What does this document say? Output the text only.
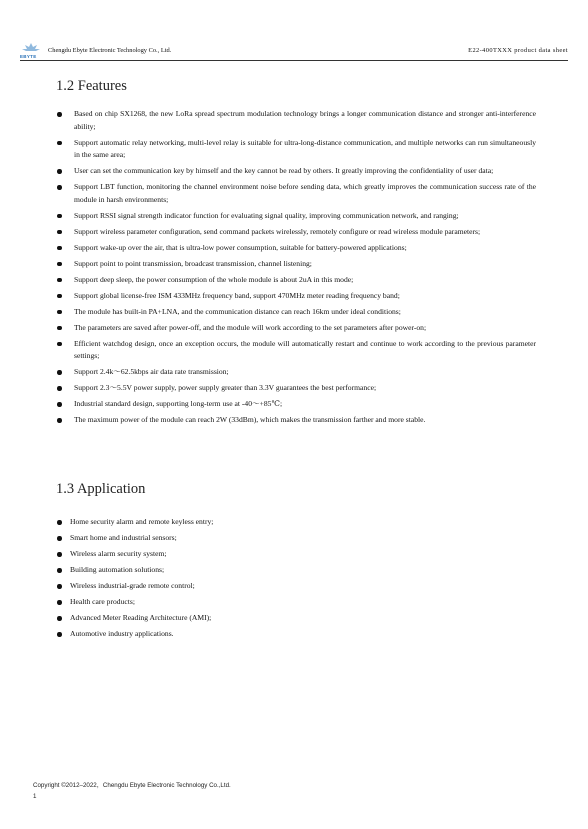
EBYTE
Chengdu Ebyte Electronic Technology Co., Ltd.	E22-400TXXX product data sheet
1.2 Features
Based on chip SX1268, the new LoRa spread spectrum modulation technology brings a longer communication distance and stronger anti-interference ability;
Support automatic relay networking, multi-level relay is suitable for ultra-long-distance communication, and multiple networks can run simultaneously in the same area;
User can set the communication key by himself and the key cannot be read by others. It greatly improving the confidentiality of user data;
Support LBT function, monitoring the channel environment noise before sending data, which greatly improves the communication success rate of the module in harsh environments;
Support RSSI signal strength indicator function for evaluating signal quality, improving communication network, and ranging;
Support wireless parameter configuration, send command packets wirelessly, remotely configure or read wireless module parameters;
Support wake-up over the air, that is ultra-low power consumption, suitable for battery-powered applications;
Support point to point transmission, broadcast transmission, channel listening;
Support deep sleep, the power consumption of the whole module is about 2uA in this mode;
Support global license-free ISM 433MHz frequency band, support 470MHz meter reading frequency band;
The module has built-in PA+LNA, and the communication distance can reach 16km under ideal conditions;
The parameters are saved after power-off, and the module will work according to the set parameters after power-on;
Efficient watchdog design, once an exception occurs, the module will automatically restart and continue to work according to the previous parameter settings;
Support 2.4k～62.5kbps air data rate transmission;
Support 2.3～5.5V power supply, power supply greater than 3.3V guarantees the best performance;
Industrial standard design, supporting long-term use at -40～+85℃;
The maximum power of the module can reach 2W (33dBm), which makes the transmission farther and more stable.
1.3 Application
Home security alarm and remote keyless entry;
Smart home and industrial sensors;
Wireless alarm security system;
Building automation solutions;
Wireless industrial-grade remote control;
Health care products;
Advanced Meter Reading Architecture (AMI);
Automotive industry applications.
Copyright ©2012–2022，Chengdu Ebyte Electronic Technology Co.,Ltd.
1
